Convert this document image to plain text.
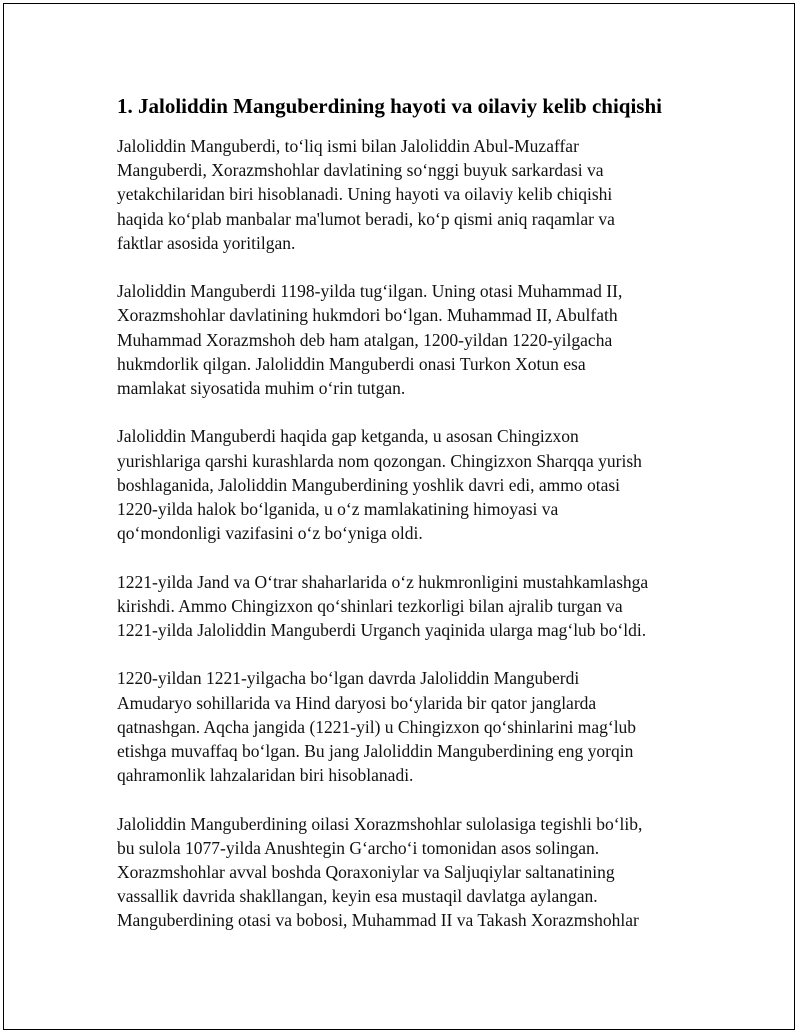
1. Jaloliddin Manguberdining hayoti va oilaviy kelib chiqishi

Jaloliddin Manguberdi, to‘liq ismi bilan Jaloliddin Abul-Muzaffar
Manguberdi, Xorazmshohlar davlatining so‘nggi buyuk sarkardasi va
yetakchilaridan biri hisoblanadi. Uning hayoti va oilaviy kelib chiqishi
haqida ko‘plab manbalar ma'lumot beradi, ko‘p qismi aniq raqamlar va
faktlar asosida yoritilgan.

Jaloliddin Manguberdi 1198-yilda tug‘ilgan. Uning otasi Muhammad II,
Xorazmshohlar davlatining hukmdori bo‘lgan. Muhammad II, Abulfath
Muhammad Xorazmshoh deb ham atalgan, 1200-yildan 1220-yilgacha
hukmdorlik qilgan. Jaloliddin Manguberdi onasi Turkon Xotun esa
mamlakat siyosatida muhim o‘rin tutgan.

Jaloliddin Manguberdi haqida gap ketganda, u asosan Chingizxon
yurishlariga qarshi kurashlarda nom qozongan. Chingizxon Sharqqa yurish
boshlaganida, Jaloliddin Manguberdining yoshlik davri edi, ammo otasi
1220-yilda halok bo‘lganida, u o‘z mamlakatining himoyasi va
qo‘mondonligi vazifasini o‘z bo‘yniga oldi.

1221-yilda Jand va O‘trar shaharlarida o‘z hukmronligini mustahkamlashga
kirishdi. Ammo Chingizxon qo‘shinlari tezkorligi bilan ajralib turgan va
1221-yilda Jaloliddin Manguberdi Urganch yaqinida ularga mag‘lub bo‘ldi.

1220-yildan 1221-yilgacha bo‘lgan davrda Jaloliddin Manguberdi
Amudaryo sohillarida va Hind daryosi bo‘ylarida bir qator janglarda
qatnashgan. Aqcha jangida (1221-yil) u Chingizxon qo‘shinlarini mag‘lub
etishga muvaffaq bo‘lgan. Bu jang Jaloliddin Manguberdining eng yorqin
qahramonlik lahzalaridan biri hisoblanadi.

Jaloliddin Manguberdining oilasi Xorazmshohlar sulolasiga tegishli bo‘lib,
bu sulola 1077-yilda Anushtegin G‘archo‘i tomonidan asos solingan.
Xorazmshohlar avval boshda Qoraxoniylar va Saljuqiylar saltanatining
vassallik davrida shakllangan, keyin esa mustaqil davlatga aylangan.
Manguberdining otasi va bobosi, Muhammad II va Takash Xorazmshohlar
